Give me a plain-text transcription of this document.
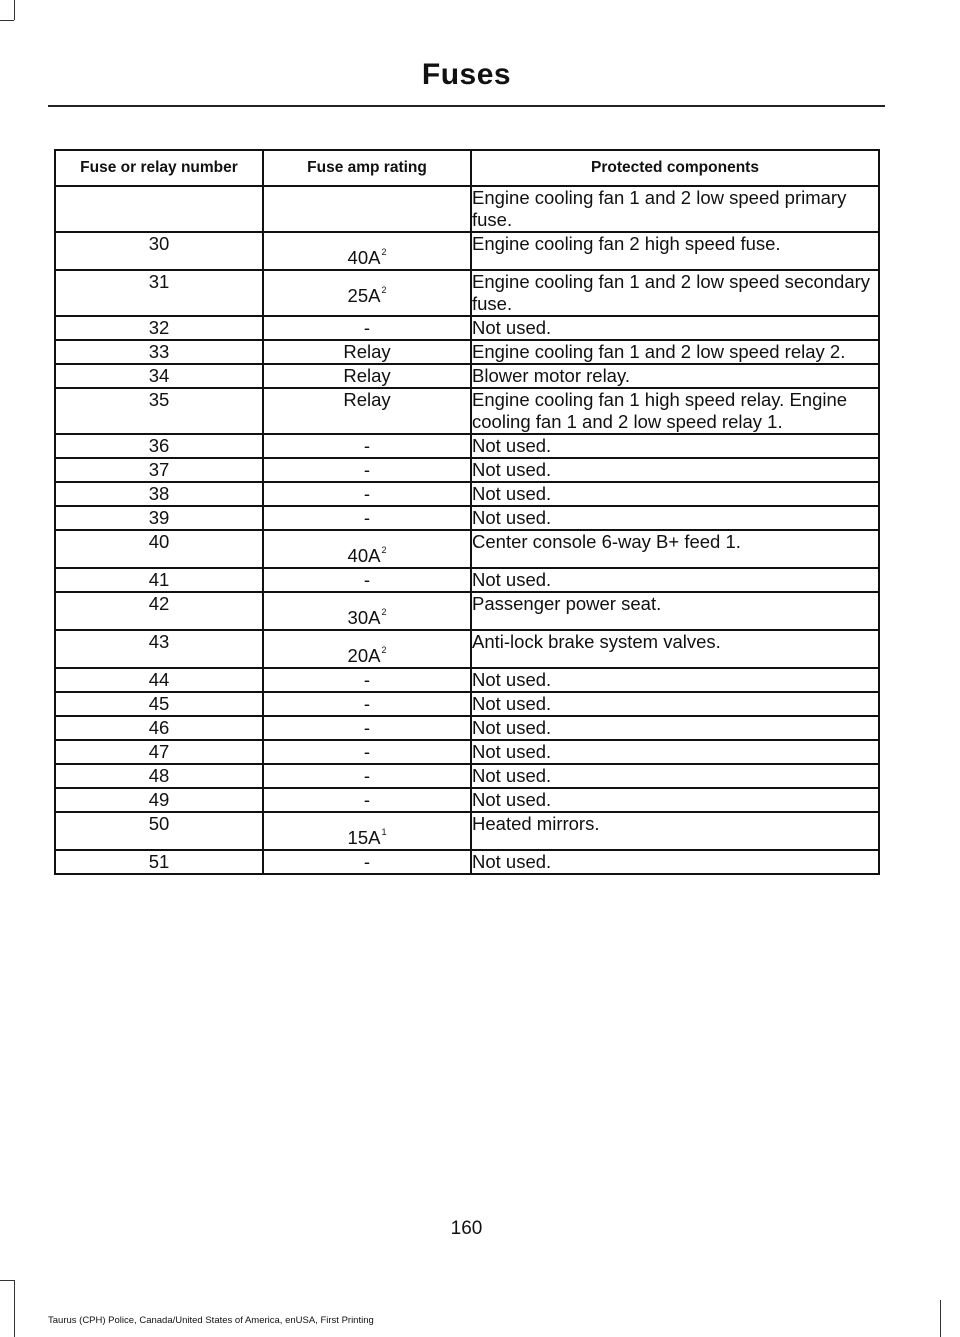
Fuses
Fuse or relay number	Fuse amp rating	Protected components
		Engine cooling fan 1 and 2 low speed primary fuse.
30	$40A^2$	Engine cooling fan 2 high speed fuse.
31	$25A^2$	Engine cooling fan 1 and 2 low speed secondary fuse.
32	-	Not used.
33	Relay	Engine cooling fan 1 and 2 low speed relay 2.
34	Relay	Blower motor relay.
35	Relay	Engine cooling fan 1 high speed relay. Engine cooling fan 1 and 2 low speed relay 1.
36	-	Not used.
37	-	Not used.
38	-	Not used.
39	-	Not used.
40	$40A^2$	Center console 6-way B+ feed 1.
41	-	Not used.
42	$30A^2$	Passenger power seat.
43	$20A^2$	Anti-lock brake system valves.
44	-	Not used.
45	-	Not used.
46	-	Not used.
47	-	Not used.
48	-	Not used.
49	-	Not used.
50	$15A^1$	Heated mirrors.
51	-	Not used.
160
Taurus (CPH) Police, Canada/United States of America, enUSA, First Printing
